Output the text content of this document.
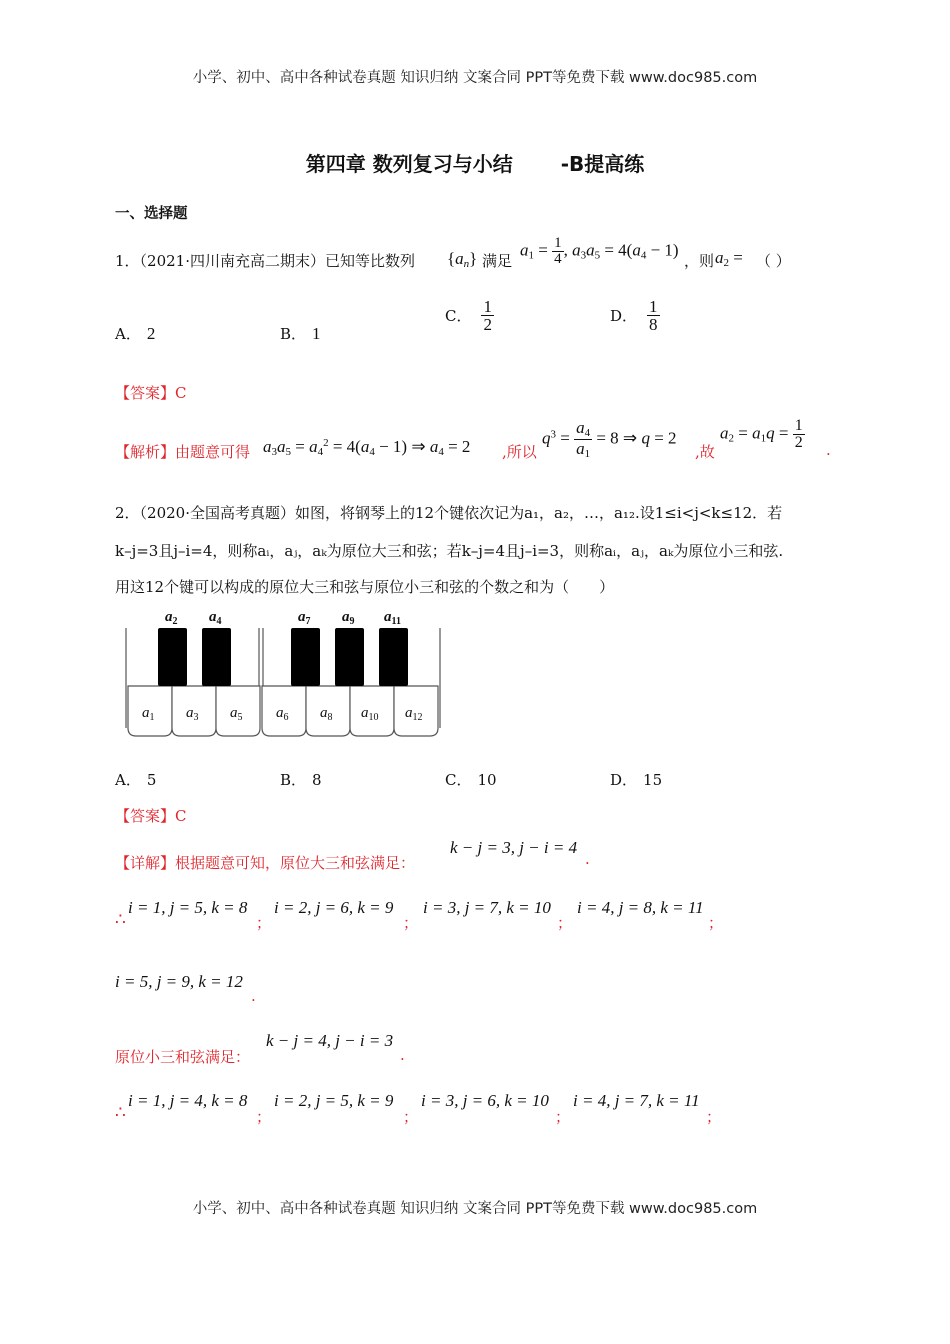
小学、初中、高中各种试卷真题 知识归纳 文案合同 PPT等免费下载 www.doc985.com
第四章 数列复习与小结 -B提高练
一、选择题
1．（2021·四川南充高二期末）已知等比数列 $\{a_n\}$ 满足
$a_1 = \frac{1}{4}$ , $a_3a_5 = 4(a_4 - 1)$
，则 $a_2$ = （ ）
A． 2	B． 1
C． $\frac{1}{2}$	D． $\frac{1}{8}$
【答案】C
【解析】由题意可得 $a_3a_5 = a_4^2 = 4(a_4 - 1)$ ⇒ $a_4 = 2$ ,所以
$q^3 = \frac{a_4}{a_1} = 8$ ⇒ q = 2
,故
$a_2 = a_1q = \frac{1}{2}$ .
2．（2020·全国高考真题）如图，将钢琴上的12个键依次记为a₁，a₂，…，a₁₂.设1≤i<j<k≤12．若
k–j=3且j–i=4，则称aᵢ，aⱼ，aₖ为原位大三和弦；若k–j=4且j–i=3，则称aᵢ，aⱼ，aₖ为原位小三和弦.
用这12个键可以构成的原位大三和弦与原位小三和弦的个数之和为（　　）
$a_2$ $a_4$	$a_7$ $a_9$ $a_{11}$
$a_1$ $a_3$ $a_5$ $a_6$ $a_8$ $a_{10}$ $a_{12}$
A． 5	B． 8	C． 10	D． 15
【答案】C
【详解】根据题意可知，原位大三和弦满足：
k − j = 3, j − i = 4
.
∴
i = 1, j = 5, k = 8
；
i = 2, j = 6, k = 9
；
i = 3, j = 7, k = 10
；
i = 4, j = 8, k = 11
；
i = 5, j = 9, k = 12
.
原位小三和弦满足：
k − j = 4, j − i = 3
.
∴
i = 1, j = 4, k = 8
；
i = 2, j = 5, k = 9
；
i = 3, j = 6, k = 10
；
i = 4, j = 7, k = 11
；
小学、初中、高中各种试卷真题 知识归纳 文案合同 PPT等免费下载 www.doc985.com
